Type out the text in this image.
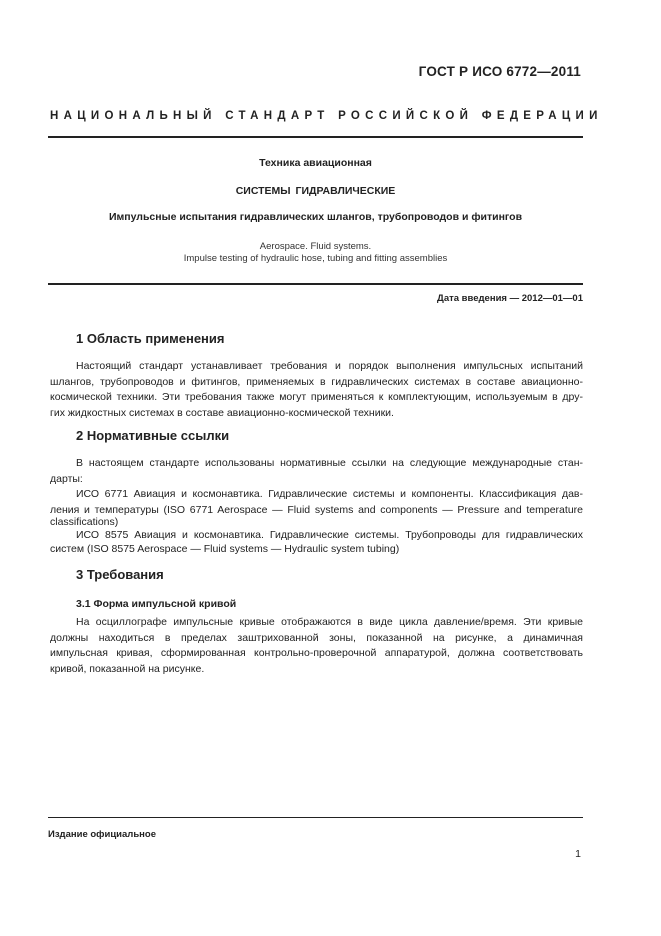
ГОСТ Р ИСО 6772—2011
НАЦИОНАЛЬНЫЙ СТАНДАРТ РОССИЙСКОЙ ФЕДЕРАЦИИ
Техника авиационная
СИСТЕМЫ ГИДРАВЛИЧЕСКИЕ
Импульсные испытания гидравлических шлангов, трубопроводов и фитингов
Aerospace. Fluid systems.
Impulse testing of hydraulic hose, tubing and fitting assemblies
Дата введения — 2012—01—01
1 Область применения
Настоящий стандарт устанавливает требования и порядок выполнения импульсных испытаний
шлангов, трубопроводов и фитингов, применяемых в гидравлических системах в составе авиационно-
космической техники. Эти требования также могут применяться к комплектующим, используемым в дру-
гих жидкостных системах в составе авиационно-космической техники.
2 Нормативные ссылки
В настоящем стандарте использованы нормативные ссылки на следующие международные стан-
дарты:
ИСО 6771 Авиация и космонавтика. Гидравлические системы и компоненты. Классификация дав-
ления и температуры (ISO 6771 Aerospace — Fluid systems and components — Pressure and temperature
classifications)
ИСО 8575 Авиация и космонавтика. Гидравлические системы. Трубопроводы для гидравлических
систем (ISO 8575 Aerospace — Fluid systems — Hydraulic system tubing)
3 Требования
3.1 Форма импульсной кривой
На осциллографе импульсные кривые отображаются в виде цикла давление/время. Эти кривые
должны находиться в пределах заштрихованной зоны, показанной на рисунке, а динамичная
импульсная кривая, сформированная контрольно-проверочной аппаратурой, должна соответствовать
кривой, показанной на рисунке.
Издание официальное
1
